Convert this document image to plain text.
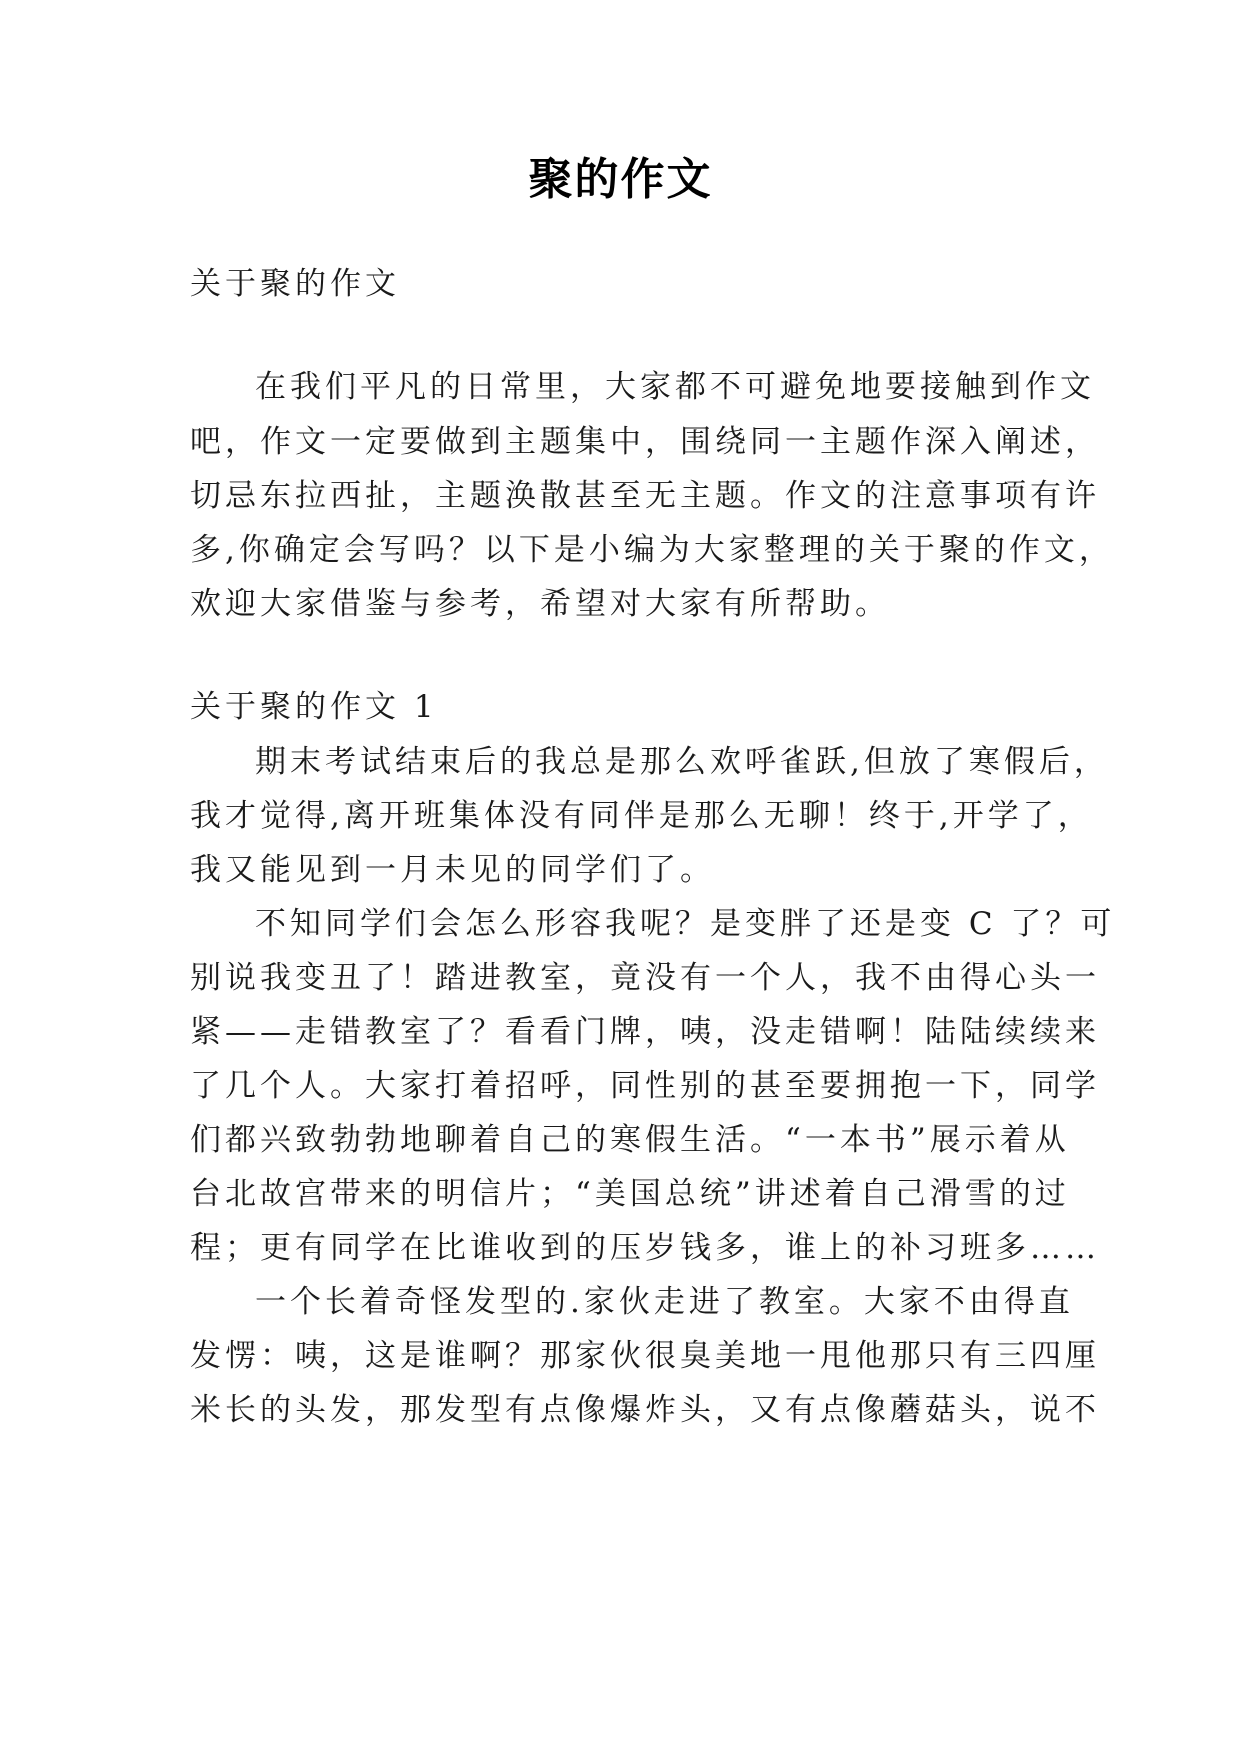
聚的作文
关于聚的作文
在我们平凡的日常里，大家都不可避免地要接触到作文
吧，作文一定要做到主题集中，围绕同一主题作深入阐述，
切忌东拉西扯，主题涣散甚至无主题。作文的注意事项有许
多,你确定会写吗？以下是小编为大家整理的关于聚的作文，
欢迎大家借鉴与参考，希望对大家有所帮助。
关于聚的作文 1
期末考试结束后的我总是那么欢呼雀跃,但放了寒假后，
我才觉得,离开班集体没有同伴是那么无聊！终于,开学了，
我又能见到一月未见的同学们了。
不知同学们会怎么形容我呢？是变胖了还是变 C 了？可
别说我变丑了！踏进教室，竟没有一个人，我不由得心头一
紧——走错教室了？看看门牌，咦，没走错啊！陆陆续续来
了几个人。大家打着招呼，同性别的甚至要拥抱一下，同学
们都兴致勃勃地聊着自己的寒假生活。“一本书”展示着从
台北故宫带来的明信片；“美国总统”讲述着自己滑雪的过
程；更有同学在比谁收到的压岁钱多，谁上的补习班多……
一个长着奇怪发型的.家伙走进了教室。大家不由得直
发愣：咦，这是谁啊？那家伙很臭美地一甩他那只有三四厘
米长的头发，那发型有点像爆炸头，又有点像蘑菇头，说不
